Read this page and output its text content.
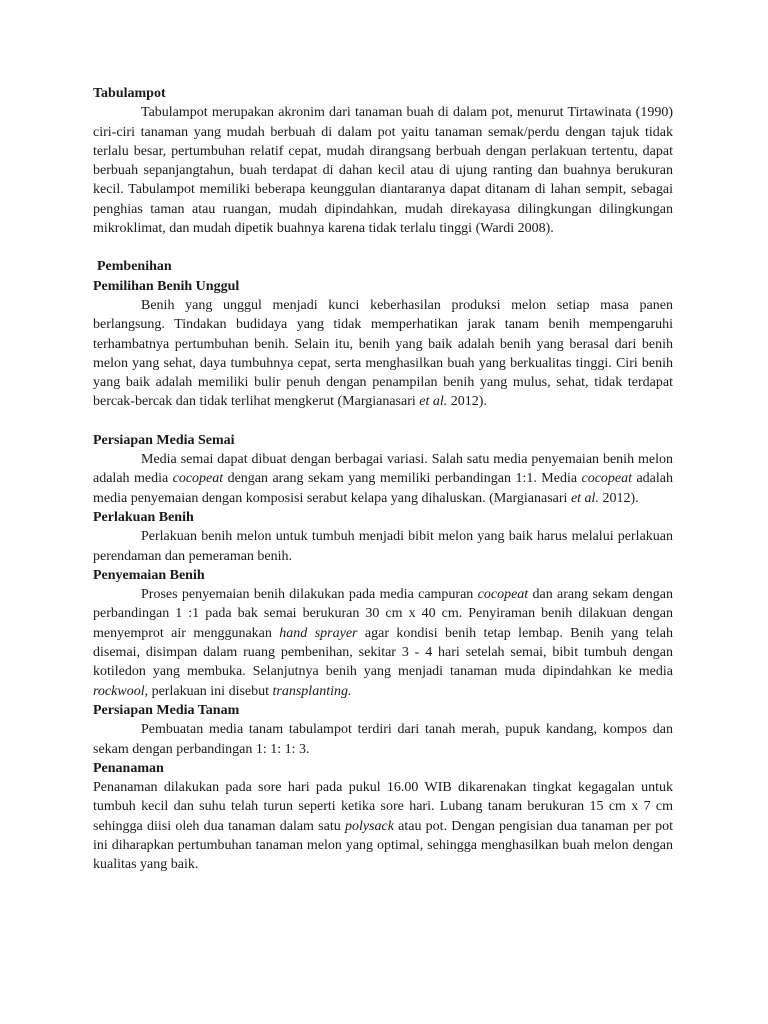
Tabulampot

Tabulampot merupakan akronim dari tanaman buah di dalam pot, menurut Tirtawinata (1990) ciri-ciri tanaman yang mudah berbuah di dalam pot yaitu tanaman semak/perdu dengan tajuk tidak terlalu besar, pertumbuhan relatif cepat, mudah dirangsang berbuah dengan perlakuan tertentu, dapat berbuah sepanjangtahun, buah terdapat di dahan kecil atau di ujung ranting dan buahnya berukuran kecil. Tabulampot memiliki beberapa keunggulan diantaranya dapat ditanam di lahan sempit, sebagai penghias taman atau ruangan, mudah dipindahkan, mudah direkayasa dilingkungan dilingkungan mikroklimat, dan mudah dipetik buahnya karena tidak terlalu tinggi (Wardi 2008).

Pembenihan
Pemilihan Benih Unggul

Benih yang unggul menjadi kunci keberhasilan produksi melon setiap masa panen berlangsung. Tindakan budidaya yang tidak memperhatikan jarak tanam benih mempengaruhi terhambatnya pertumbuhan benih. Selain itu, benih yang baik adalah benih yang berasal dari benih melon yang sehat, daya tumbuhnya cepat, serta menghasilkan buah yang berkualitas tinggi. Ciri benih yang baik adalah memiliki bulir penuh dengan penampilan benih yang mulus, sehat, tidak terdapat bercak-bercak dan tidak terlihat mengkerut (Margianasari et al. 2012).

Persiapan Media Semai

Media semai dapat dibuat dengan berbagai variasi. Salah satu media penyemaian benih melon adalah media cocopeat dengan arang sekam yang memiliki perbandingan 1:1. Media cocopeat adalah media penyemaian dengan komposisi serabut kelapa yang dihaluskan. (Margianasari et al. 2012).

Perlakuan Benih

Perlakuan benih melon untuk tumbuh menjadi bibit melon yang baik harus melalui perlakuan perendaman dan pemeraman benih.

Penyemaian Benih

Proses penyemaian benih dilakukan pada media campuran cocopeat dan arang sekam dengan perbandingan 1 :1 pada bak semai berukuran 30 cm x 40 cm. Penyiraman benih dilakuan dengan menyemprot air menggunakan hand sprayer agar kondisi benih tetap lembap. Benih yang telah disemai, disimpan dalam ruang pembenihan, sekitar 3 - 4 hari setelah semai, bibit tumbuh dengan kotiledon yang membuka. Selanjutnya benih yang menjadi tanaman muda dipindahkan ke media rockwool, perlakuan ini disebut transplanting.

Persiapan Media Tanam

Pembuatan media tanam tabulampot terdiri dari tanah merah, pupuk kandang, kompos dan sekam dengan perbandingan 1: 1: 1: 3.

Penanaman

Penanaman dilakukan pada sore hari pada pukul 16.00 WIB dikarenakan tingkat kegagalan untuk tumbuh kecil dan suhu telah turun seperti ketika sore hari. Lubang tanam berukuran 15 cm x 7 cm sehingga diisi oleh dua tanaman dalam satu polysack atau pot. Dengan pengisian dua tanaman per pot ini diharapkan pertumbuhan tanaman melon yang optimal, sehingga menghasilkan buah melon dengan kualitas yang baik.
